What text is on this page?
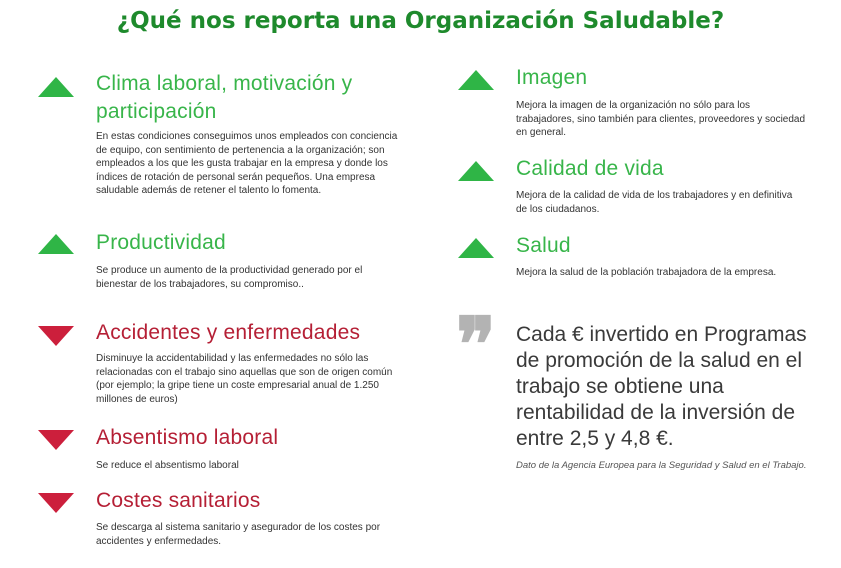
¿Qué nos reporta una Organización Saludable?
Clima laboral, motivación y participación
En estas condiciones conseguimos unos empleados con conciencia de equipo, con sentimiento de pertenencia a la organización; son empleados a los que les gusta trabajar en la empresa y donde los índices de rotación de personal serán pequeños. Una empresa saludable además de retener el talento lo fomenta.
Productividad
Se produce un aumento de la productividad generado por el bienestar de los trabajadores, su compromiso..
Accidentes y enfermedades
Disminuye la accidentabilidad y las enfermedades no sólo las relacionadas con el trabajo sino aquellas que son de origen común (por ejemplo; la gripe tiene un coste empresarial anual de 1.250 millones de euros)
Absentismo laboral
Se reduce el absentismo laboral
Costes sanitarios
Se descarga al sistema sanitario y asegurador de los costes por accidentes y enfermedades.
Imagen
Mejora la imagen de la organización no sólo para los trabajadores, sino también para clientes, proveedores y sociedad en general.
Calidad de vida
Mejora de la calidad de vida de los trabajadores y en definitiva de los ciudadanos.
Salud
Mejora la salud de la población trabajadora de la empresa.
❞ Cada € invertido en Programas de promoción de la salud en el trabajo se obtiene una rentabilidad de la inversión de entre 2,5 y 4,8 €.
Dato de la Agencia Europea para la Seguridad y Salud en el Trabajo.
